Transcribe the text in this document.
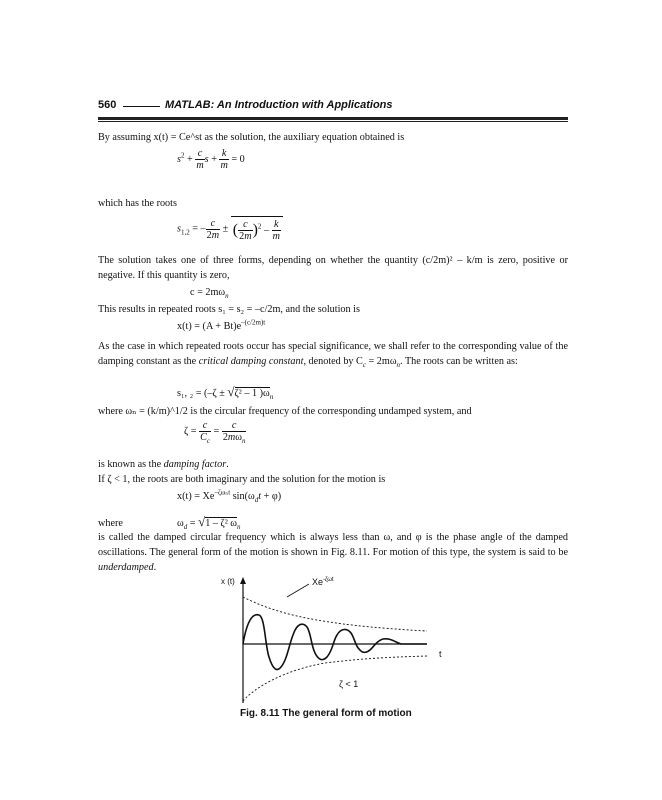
560	MATLAB: An Introduction with Applications
By assuming x(t) = Ce^st as the solution, the auxiliary equation obtained is
$s^2 + \frac{c}{m}$ $s + \frac{k}{m} = 0$
which has the roots
$s_{1,2}$ = – $\frac{c}{2m}$ ± ( $\frac{c}{2m} )^2 - \frac{k}{m}$
The solution takes one of three forms, depending on whether the quantity (c/2m)² – k/m is zero, positive or negative. If this quantity is zero,
$c = 2m\omega_n$
This results in repeated roots s₁ = s₂ = –c/2m, and the solution is
$x(t) = (A + Bt)e^{-(c/2m)t}$
As the case in which repeated roots occur has special significance, we shall refer to the corresponding value of the damping constant as the critical damping constant, denoted by $C_c = 2m\omega_n$. The roots can be written as:
s₁, ₂ = (–ζ ± √ζ² – 1 )$\omega_n$
where ωₙ = (k/m)^1/2 is the circular frequency of the corresponding undamped system, and
$\zeta = \frac{c}{C_c} = \frac{c}{2m\omega_n}$
is known as the damping factor.
If ζ < 1, the roots are both imaginary and the solution for the motion is
$x(t) = Xe^{-\zeta\omega_nt}$ $\sin(\omega_dt + \varphi)$
where	$\omega_d = √1 - \zeta^2$ $\omega_n$
is called the damped circular frequency which is always less than ω, and φ is the phase angle of the damped oscillations. The general form of the motion is shown in Fig. 8.11. For motion of this type, the system is said to be underdamped.
x (t)
t
$Xe^{-\zeta\omega t}$
ζ < 1
Fig. 8.11 The general form of motion
